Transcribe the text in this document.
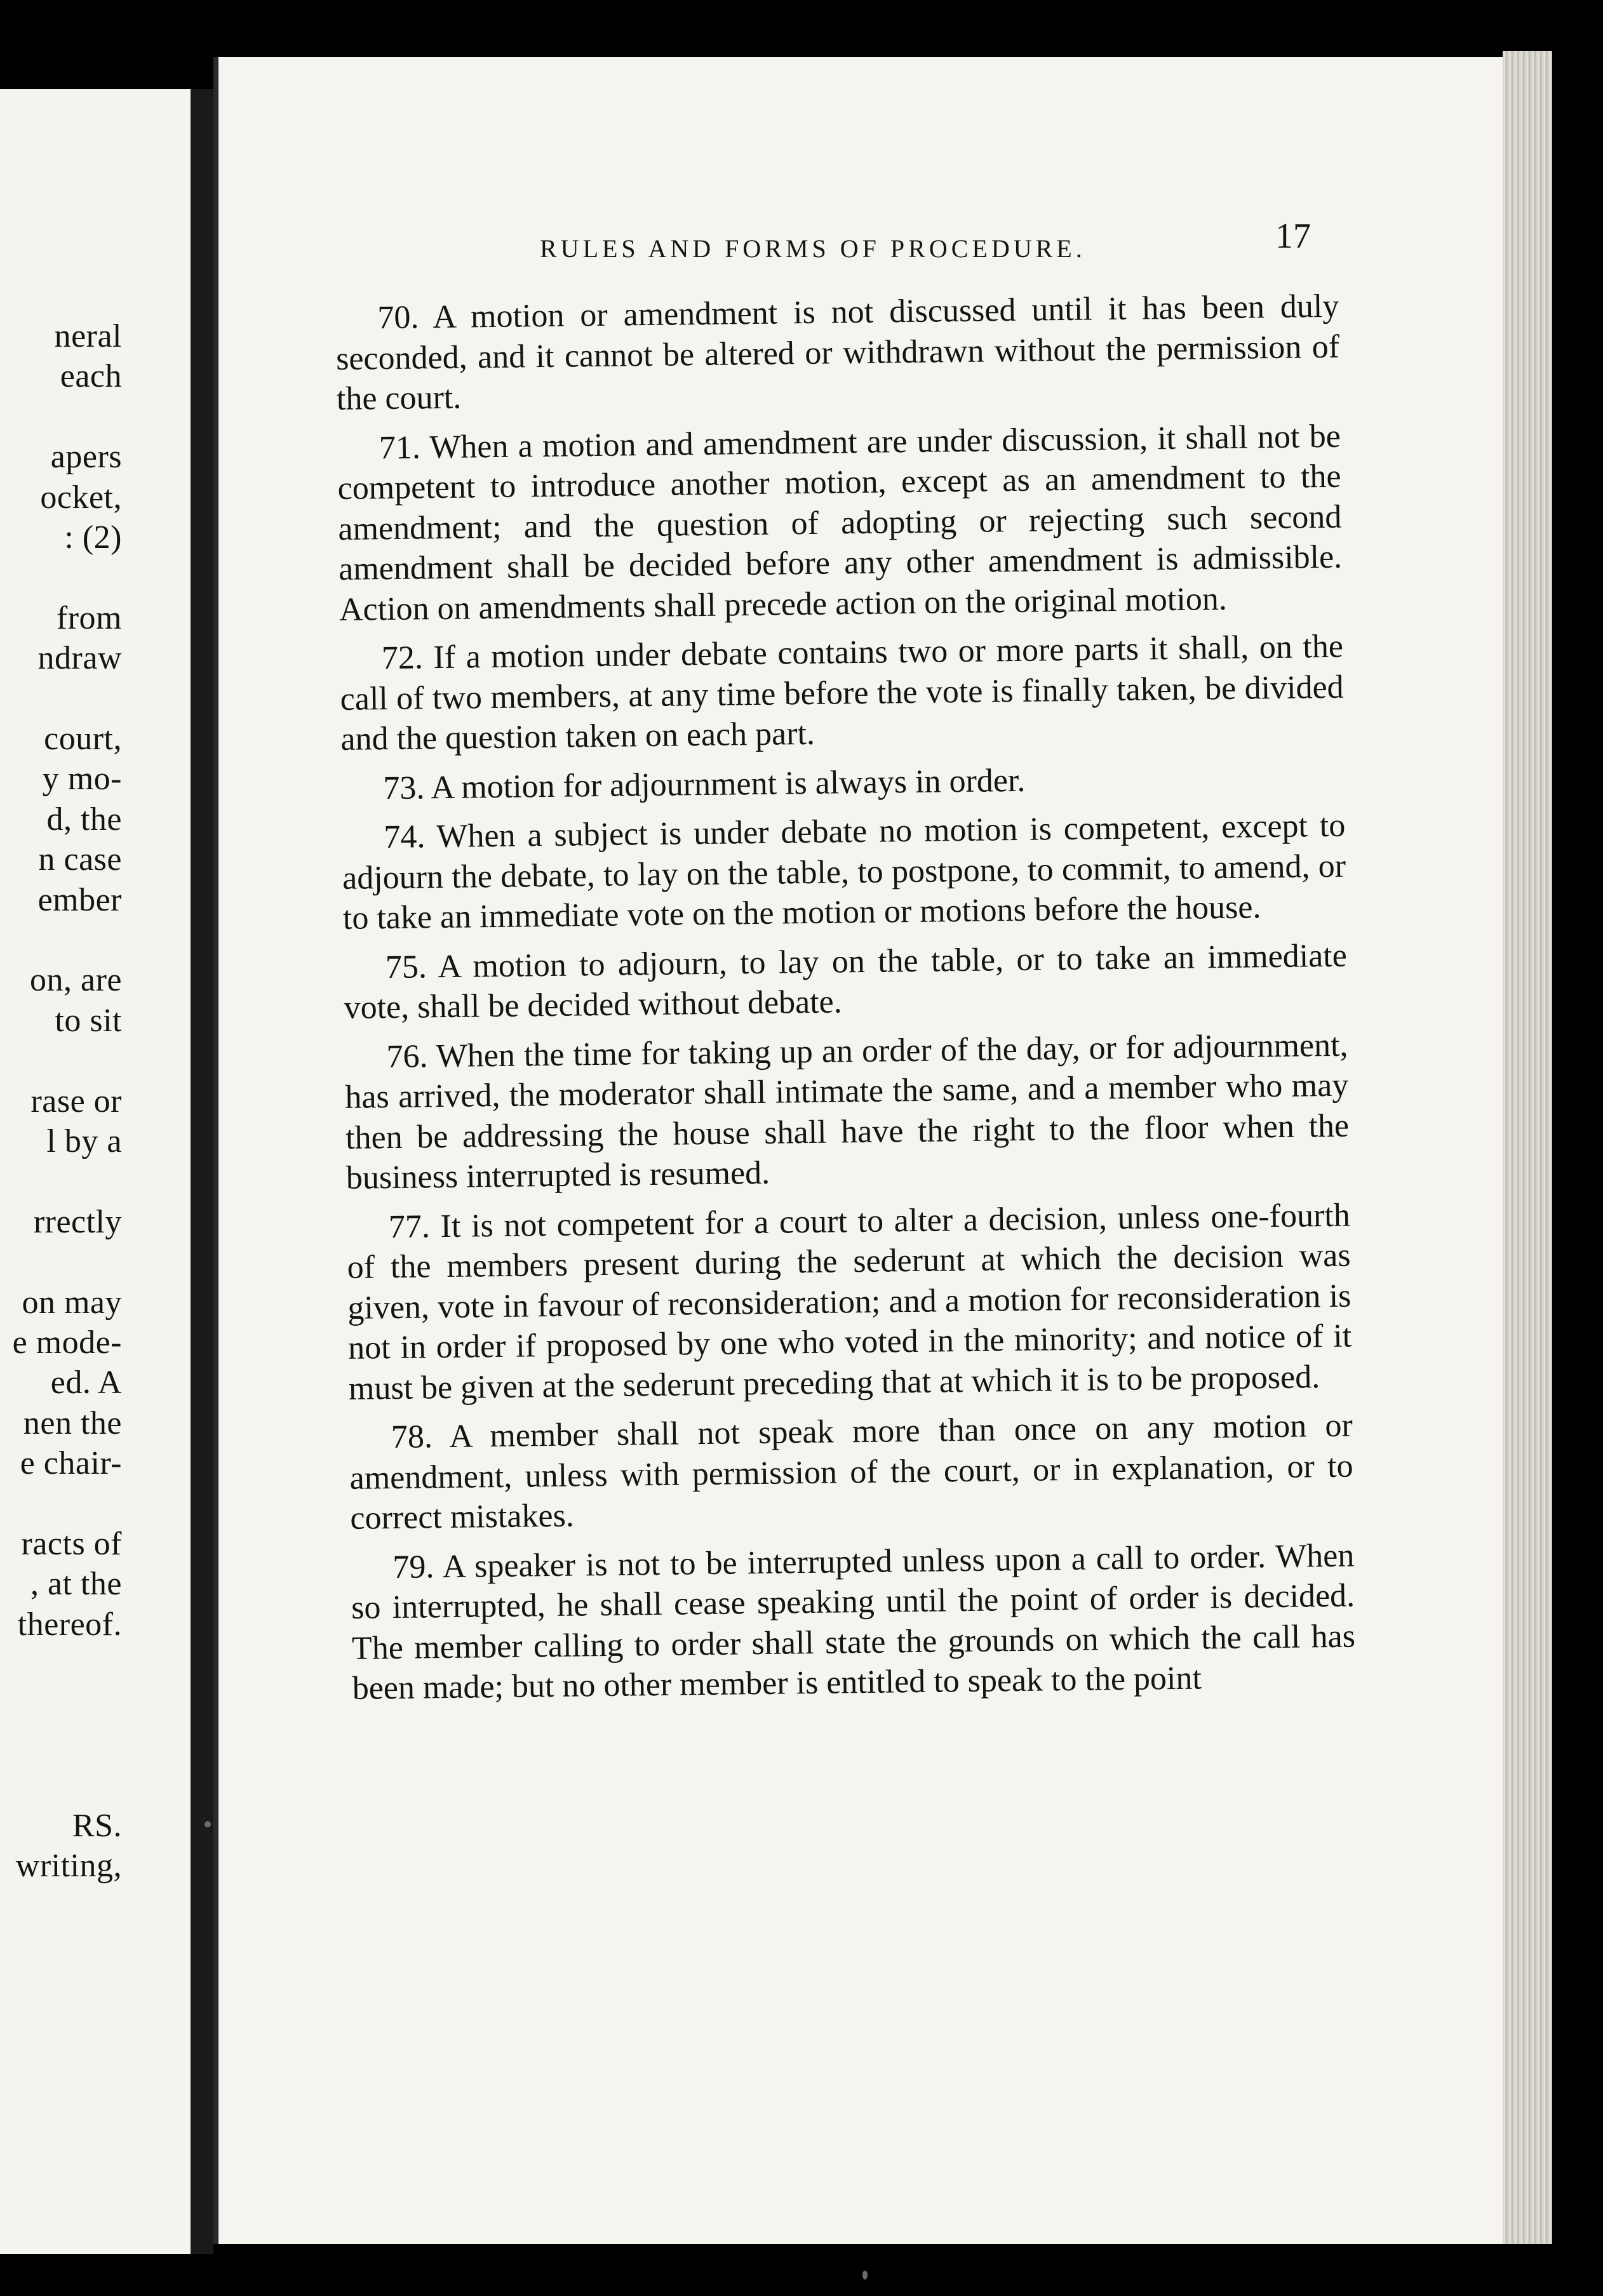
neral
each
apers
ocket,
: (2)
from
ndraw
court,
y mo-
d, the
n case
ember
on, are
to sit
rase or
l by a
rrectly
on may
e mode-
ed. A
nen the
e chair-
racts of
, at the
thereof.
RS.
writing,
RULES AND FORMS OF PROCEDURE.	17

70. A motion or amendment is not discussed until it has been duly seconded, and it cannot be altered or withdrawn without the permission of the court.

71. When a motion and amendment are under discussion, it shall not be competent to introduce another motion, except as an amendment to the amendment; and the question of adopting or rejecting such second amendment shall be decided before any other amendment is admissible. Action on amendments shall precede action on the original motion.

72. If a motion under debate contains two or more parts it shall, on the call of two members, at any time before the vote is finally taken, be divided and the question taken on each part.

73. A motion for adjournment is always in order.

74. When a subject is under debate no motion is competent, except to adjourn the debate, to lay on the table, to postpone, to commit, to amend, or to take an immediate vote on the motion or motions before the house.

75. A motion to adjourn, to lay on the table, or to take an immediate vote, shall be decided without debate.

76. When the time for taking up an order of the day, or for adjournment, has arrived, the moderator shall intimate the same, and a member who may then be addressing the house shall have the right to the floor when the business interrupted is resumed.

77. It is not competent for a court to alter a decision, unless one-fourth of the members present during the sederunt at which the decision was given, vote in favour of reconsideration; and a motion for reconsideration is not in order if proposed by one who voted in the minority; and notice of it must be given at the sederunt preceding that at which it is to be proposed.

78. A member shall not speak more than once on any motion or amendment, unless with permission of the court, or in explanation, or to correct mistakes.

79. A speaker is not to be interrupted unless upon a call to order. When so interrupted, he shall cease speaking until the point of order is decided. The member calling to order shall state the grounds on which the call has been made; but no other member is entitled to speak to the point
